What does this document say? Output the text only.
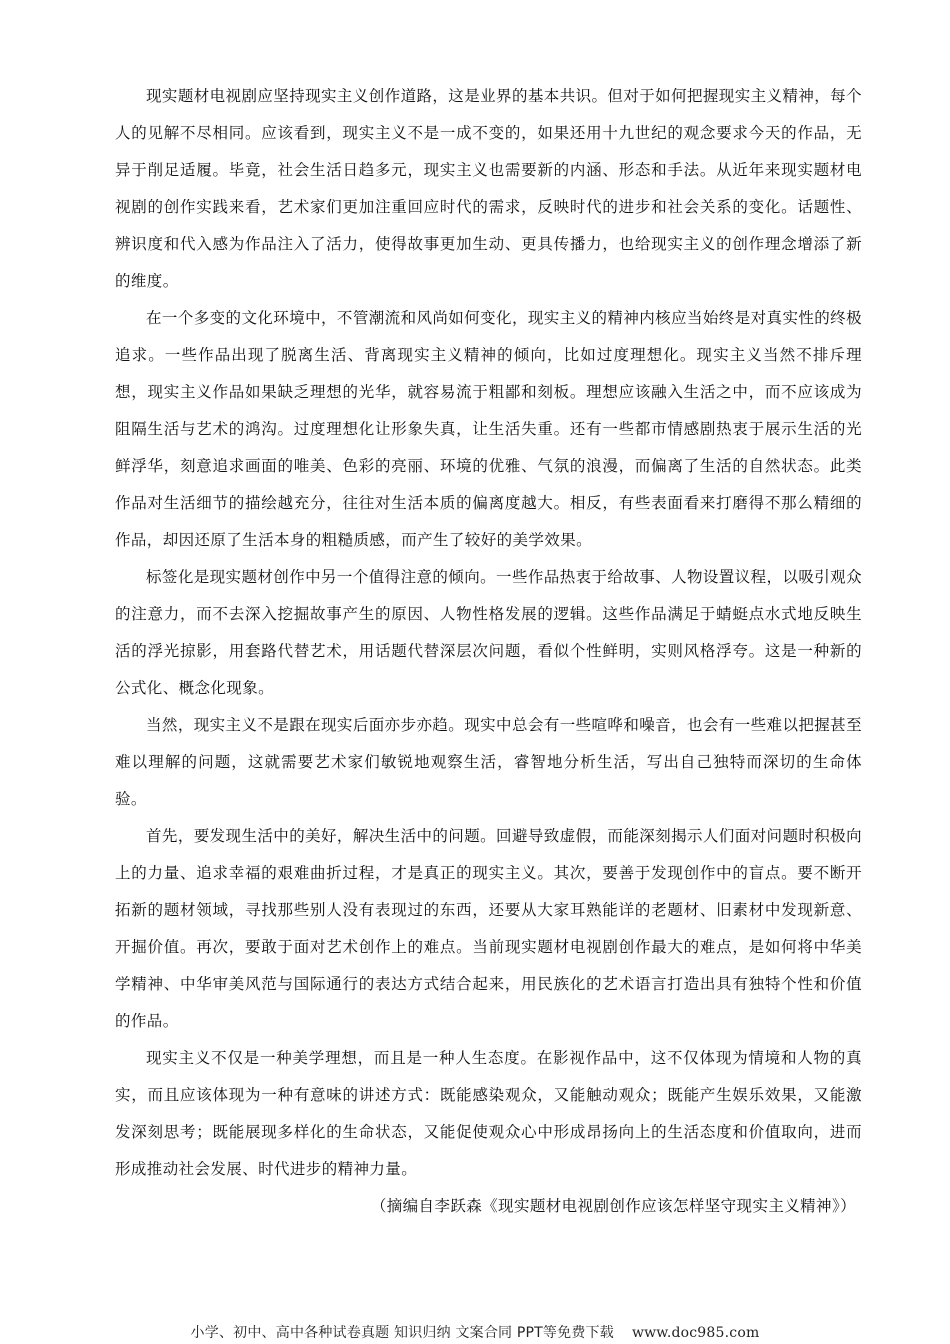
现实题材电视剧应坚持现实主义创作道路，这是业界的基本共识。但对于如何把握现实主义精神，每个人的见解不尽相同。应该看到，现实主义不是一成不变的，如果还用十九世纪的观念要求今天的作品，无异于削足适履。毕竟，社会生活日趋多元，现实主义也需要新的内涵、形态和手法。从近年来现实题材电视剧的创作实践来看，艺术家们更加注重回应时代的需求，反映时代的进步和社会关系的变化。话题性、辨识度和代入感为作品注入了活力，使得故事更加生动、更具传播力，也给现实主义的创作理念增添了新的维度。

在一个多变的文化环境中，不管潮流和风尚如何变化，现实主义的精神内核应当始终是对真实性的终极追求。一些作品出现了脱离生活、背离现实主义精神的倾向，比如过度理想化。现实主义当然不排斥理想，现实主义作品如果缺乏理想的光华，就容易流于粗鄙和刻板。理想应该融入生活之中，而不应该成为阻隔生活与艺术的鸿沟。过度理想化让形象失真，让生活失重。还有一些都市情感剧热衷于展示生活的光鲜浮华，刻意追求画面的唯美、色彩的亮丽、环境的优雅、气氛的浪漫，而偏离了生活的自然状态。此类作品对生活细节的描绘越充分，往往对生活本质的偏离度越大。相反，有些表面看来打磨得不那么精细的作品，却因还原了生活本身的粗糙质感，而产生了较好的美学效果。

标签化是现实题材创作中另一个值得注意的倾向。一些作品热衷于给故事、人物设置议程，以吸引观众的注意力，而不去深入挖掘故事产生的原因、人物性格发展的逻辑。这些作品满足于蜻蜓点水式地反映生活的浮光掠影，用套路代替艺术，用话题代替深层次问题，看似个性鲜明，实则风格浮夸。这是一种新的公式化、概念化现象。

当然，现实主义不是跟在现实后面亦步亦趋。现实中总会有一些喧哗和噪音，也会有一些难以把握甚至难以理解的问题，这就需要艺术家们敏锐地观察生活，睿智地分析生活，写出自己独特而深切的生命体验。

首先，要发现生活中的美好，解决生活中的问题。回避导致虚假，而能深刻揭示人们面对问题时积极向上的力量、追求幸福的艰难曲折过程，才是真正的现实主义。其次，要善于发现创作中的盲点。要不断开拓新的题材领域，寻找那些别人没有表现过的东西，还要从大家耳熟能详的老题材、旧素材中发现新意、开掘价值。再次，要敢于面对艺术创作上的难点。当前现实题材电视剧创作最大的难点，是如何将中华美学精神、中华审美风范与国际通行的表达方式结合起来，用民族化的艺术语言打造出具有独特个性和价值的作品。

现实主义不仅是一种美学理想，而且是一种人生态度。在影视作品中，这不仅体现为情境和人物的真实，而且应该体现为一种有意味的讲述方式：既能感染观众，又能触动观众；既能产生娱乐效果，又能激发深刻思考；既能展现多样化的生命状态，又能促使观众心中形成昂扬向上的生活态度和价值取向，进而形成推动社会发展、时代进步的精神力量。

（摘编自李跃森《现实题材电视剧创作应该怎样坚守现实主义精神》）

小学、初中、高中各种试卷真题 知识归纳 文案合同 PPT等免费下载 www.doc985.com
